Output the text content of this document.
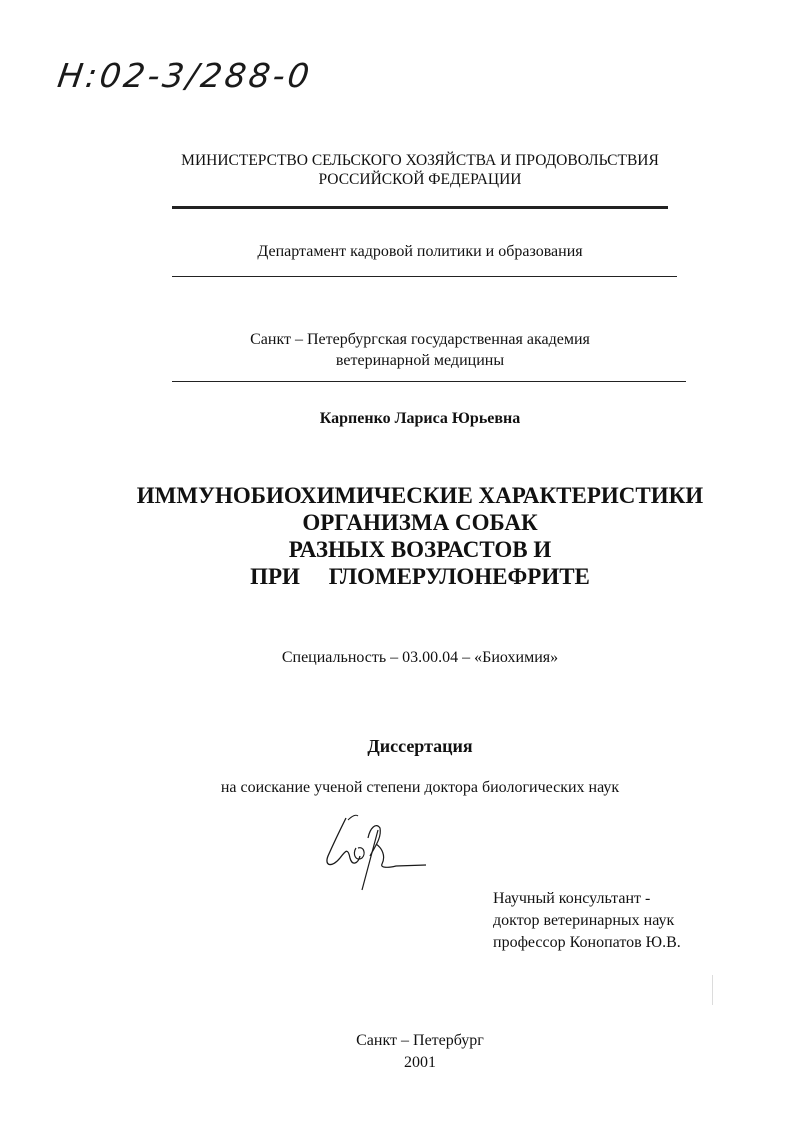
Н:02-3/288-0
МИНИСТЕРСТВО СЕЛЬСКОГО ХОЗЯЙСТВА И ПРОДОВОЛЬСТВИЯ
РОССИЙСКОЙ ФЕДЕРАЦИИ
Департамент кадровой политики и образования
Санкт – Петербургская государственная академия
ветеринарной медицины
Карпенко Лариса Юрьевна
ИММУНОБИОХИМИЧЕСКИЕ ХАРАКТЕРИСТИКИ
ОРГАНИЗМА СОБАК
РАЗНЫХ ВОЗРАСТОВ И
ПРИ     ГЛОМЕРУЛОНЕФРИТЕ
Специальность – 03.00.04 – «Биохимия»
Диссертация
на соискание ученой степени доктора биологических наук
Научный консультант -
доктор ветеринарных наук
профессор Конопатов Ю.В.
Санкт – Петербург
2001
